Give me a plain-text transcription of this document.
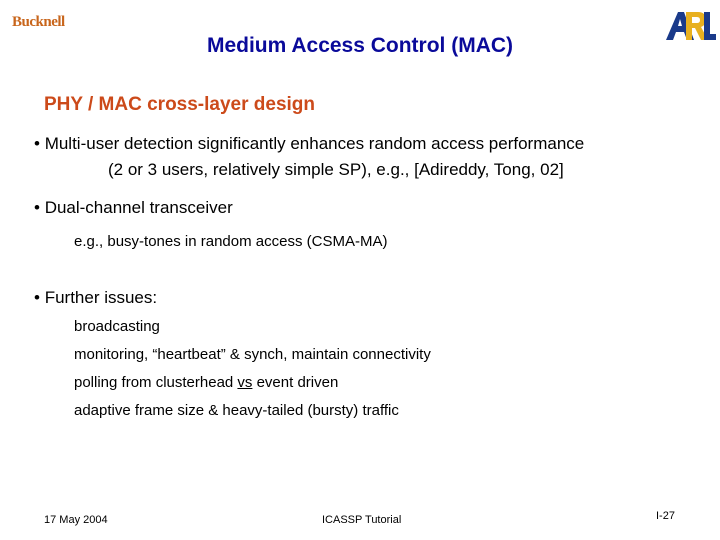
Bucknell
Medium Access Control (MAC)
PHY / MAC cross-layer design
• Multi-user detection significantly enhances random access performance
(2 or 3 users, relatively simple SP), e.g., [Adireddy, Tong, 02]
• Dual-channel transceiver
e.g., busy-tones in random access (CSMA-MA)
• Further issues:
broadcasting
monitoring, “heartbeat” & synch, maintain connectivity
polling from clusterhead vs event driven
adaptive frame size & heavy-tailed (bursty) traffic
17 May 2004	ICASSP Tutorial	I-27
